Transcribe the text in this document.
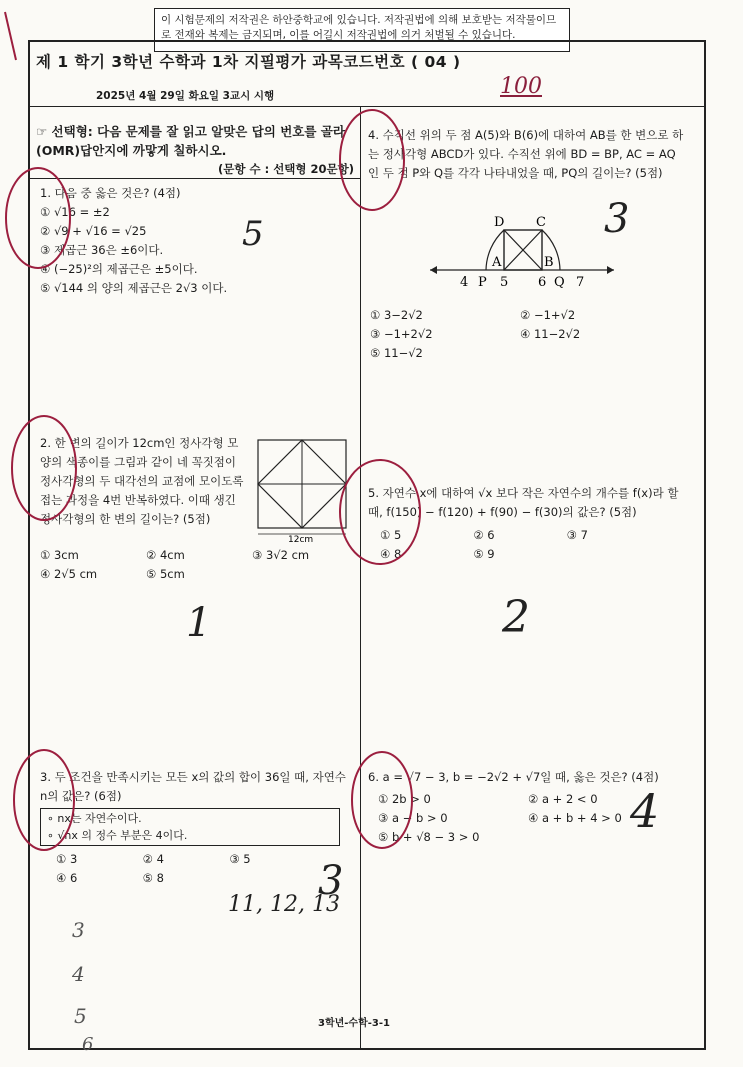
이 시험문제의 저작권은 하안중학교에 있습니다. 저작권법에 의해 보호받는 저작물이므로 전재와 복제는 금지되며, 이를 어길시 저작권법에 의거 처벌될 수 있습니다.
제 1 학기 3학년 수학과 1차 지필평가 과목코드번호 ( 04 )
2025년 4월 29일 화요일 3교시 시행	100
☞ 선택형: 다음 문제를 잘 읽고 알맞은 답의 번호를 골라 (OMR)답안지에 까맣게 칠하시오.
(문항 수 : 선택형 20문항)
1. 다음 중 옳은 것은? (4점)
① √16 = ±2
② √9 + √16 = √25
③ 제곱근 36은 ±6이다.
④ (−25)²의 제곱근은 ±5이다.
⑤ √144 의 양의 제곱근은 2√3 이다.
5
2. 한 변의 길이가 12cm인 정사각형 모양의 색종이를 그림과 같이 네 꼭짓점이 정사각형의 두 대각선의 교점에 모이도록 접는 과정을 4번 반복하였다. 이때 생긴 정사각형의 한 변의 길이는? (5점)
12cm
① 3cm	② 4cm	③ 3√2 cm
④ 2√5 cm	⑤ 5cm
1
3. 두 조건을 만족시키는 모든 x의 값의 합이 36일 때, 자연수 n의 값은? (6점)
∘ nx는 자연수이다.
∘ √nx 의 정수 부분은 4이다.
① 3	② 4	③ 5
④ 6	⑤ 8	3
11, 12, 13
3
4
5
6
4. 수직선 위의 두 점 A(5)와 B(6)에 대하여 AB를 한 변으로 하는 정사각형 ABCD가 있다. 수직선 위에 BD = BP, AC = AQ인 두 점 P와 Q를 각각 나타내었을 때, PQ의 길이는? (5점)
D C
A	B
4 P 5 6 Q 7
① 3−2√2	② −1+√2
③ −1+2√2	④ 11−2√2
⑤ 11−√2
3
5. 자연수 x에 대하여 √x 보다 작은 자연수의 개수를 f(x)라 할 때, f(150) − f(120) + f(90) − f(30)의 값은? (5점)
① 5	② 6	③ 7
④ 8	⑤ 9
2
6. a = √7 − 3, b = −2√2 + √7일 때, 옳은 것은? (4점)
① 2b > 0	② a + 2 < 0
③ a − b > 0	④ a + b + 4 > 0
⑤ b + √8 − 3 > 0	4
3학년-수학-3-1
